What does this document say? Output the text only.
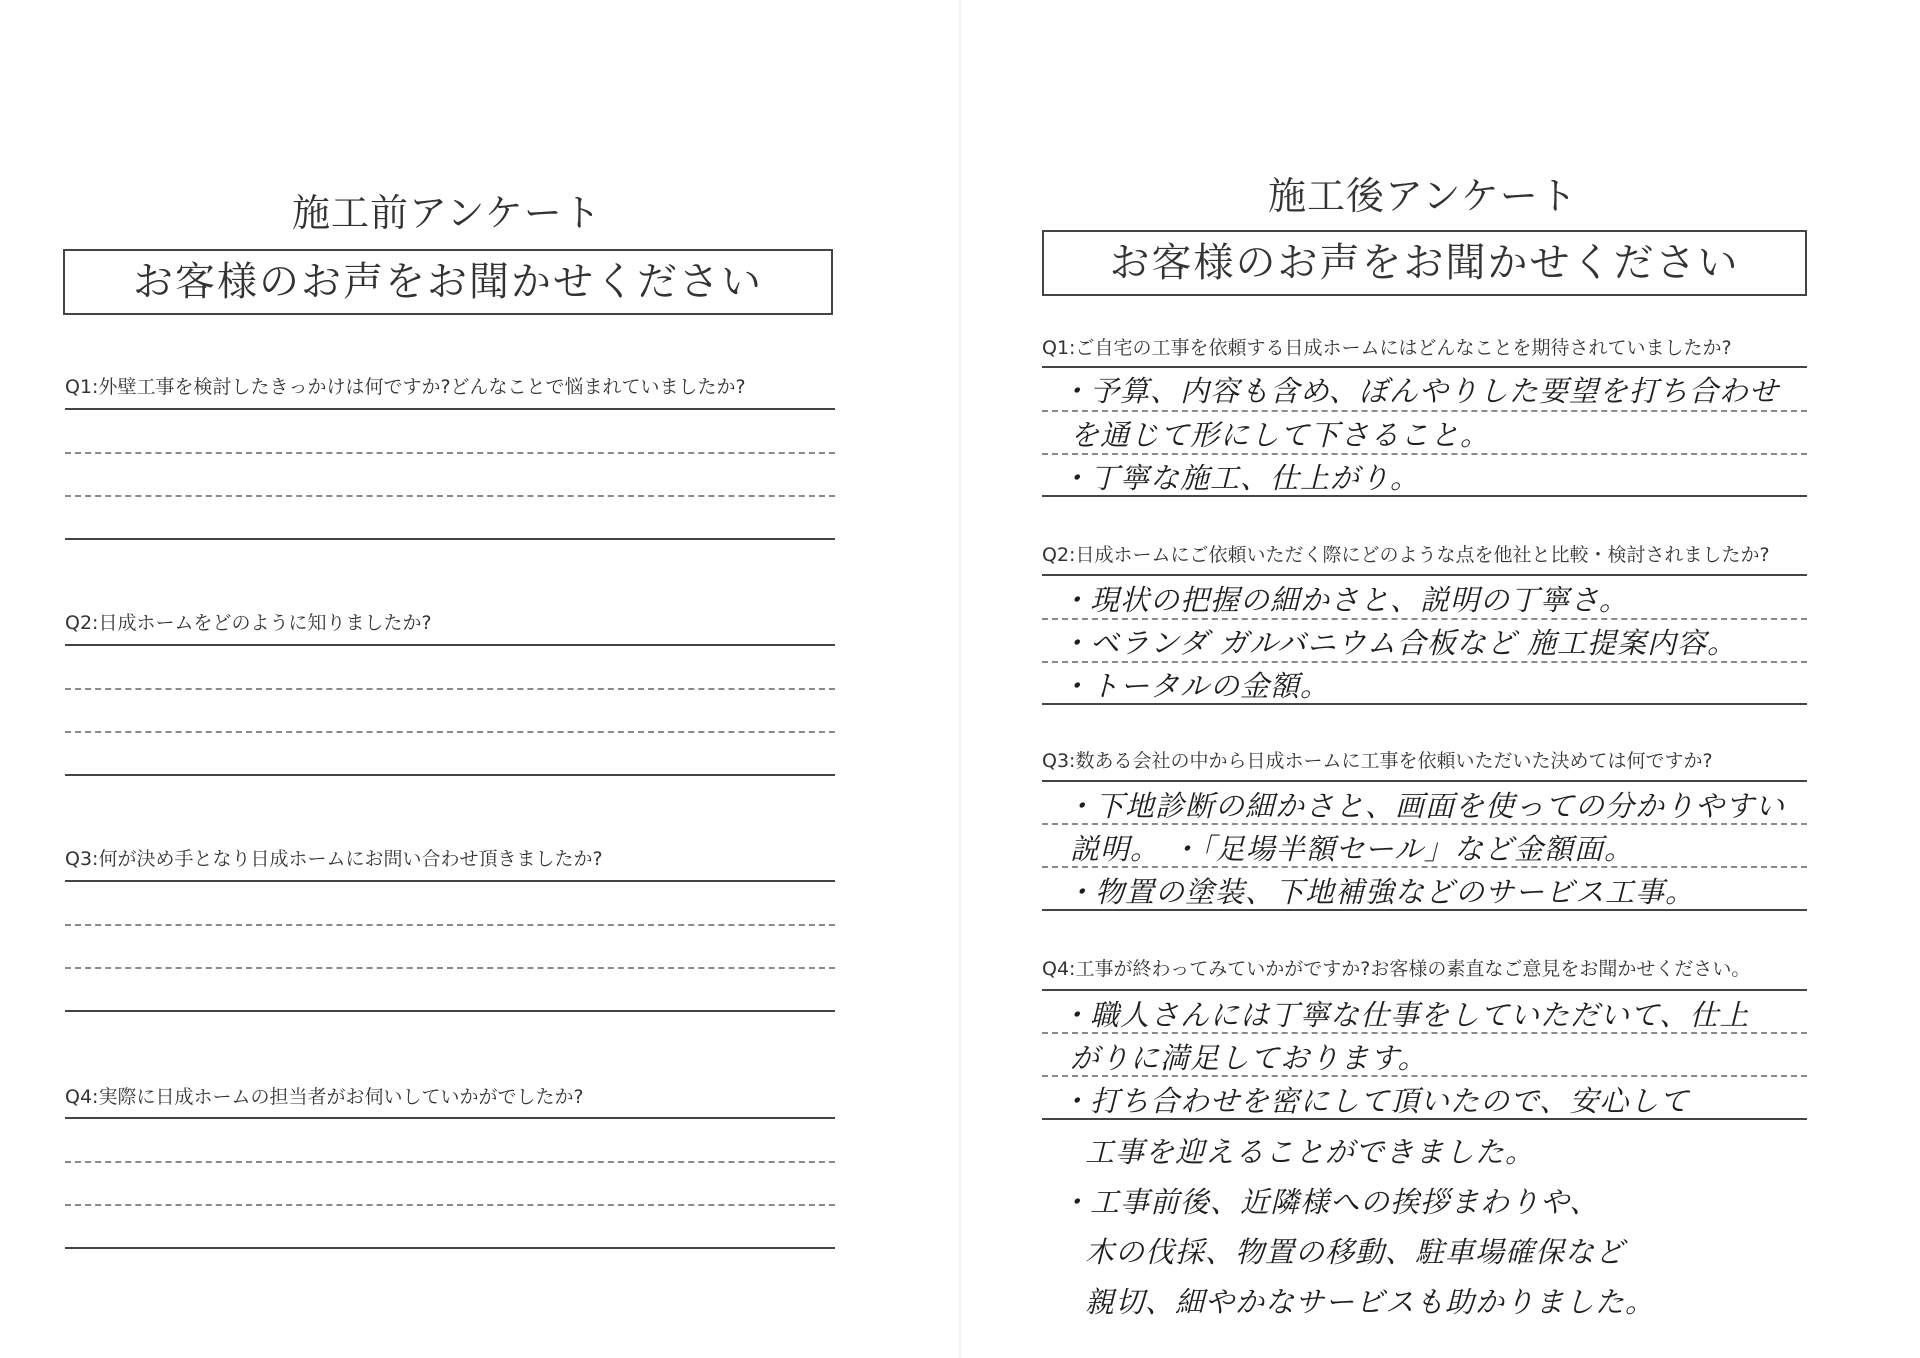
施工前アンケート
お客様のお声をお聞かせください
Q1:外壁工事を検討したきっかけは何ですか?どんなことで悩まれていましたか?
Q2:日成ホームをどのように知りましたか?
Q3:何が決め手となり日成ホームにお問い合わせ頂きましたか?
Q4:実際に日成ホームの担当者がお伺いしていかがでしたか?
施工後アンケート
お客様のお声をお聞かせください
Q1:ご自宅の工事を依頼する日成ホームにはどんなことを期待されていましたか?
・予算、内容も含め、ぼんやりした要望を打ち合わせ
を通じて形にして下さること。
・丁寧な施工、仕上がり。
Q2:日成ホームにご依頼いただく際にどのような点を他社と比較・検討されましたか?
・現状の把握の細かさと、説明の丁寧さ。
・ベランダ ガルバニウム合板など 施工提案内容。
・トータルの金額。
Q3:数ある会社の中から日成ホームに工事を依頼いただいた決めては何ですか?
・下地診断の細かさと、画面を使っての分かりやすい
説明。 ・「足場半額セール」など金額面。
・物置の塗装、下地補強などのサービス工事。
Q4:工事が終わってみていかがですか?お客様の素直なご意見をお聞かせください。
・職人さんには丁寧な仕事をしていただいて、仕上
がりに満足しております。
・打ち合わせを密にして頂いたので、安心して
工事を迎えることができました。
・工事前後、近隣様への挨拶まわりや、
木の伐採、物置の移動、駐車場確保など
親切、細やかなサービスも助かりました。
